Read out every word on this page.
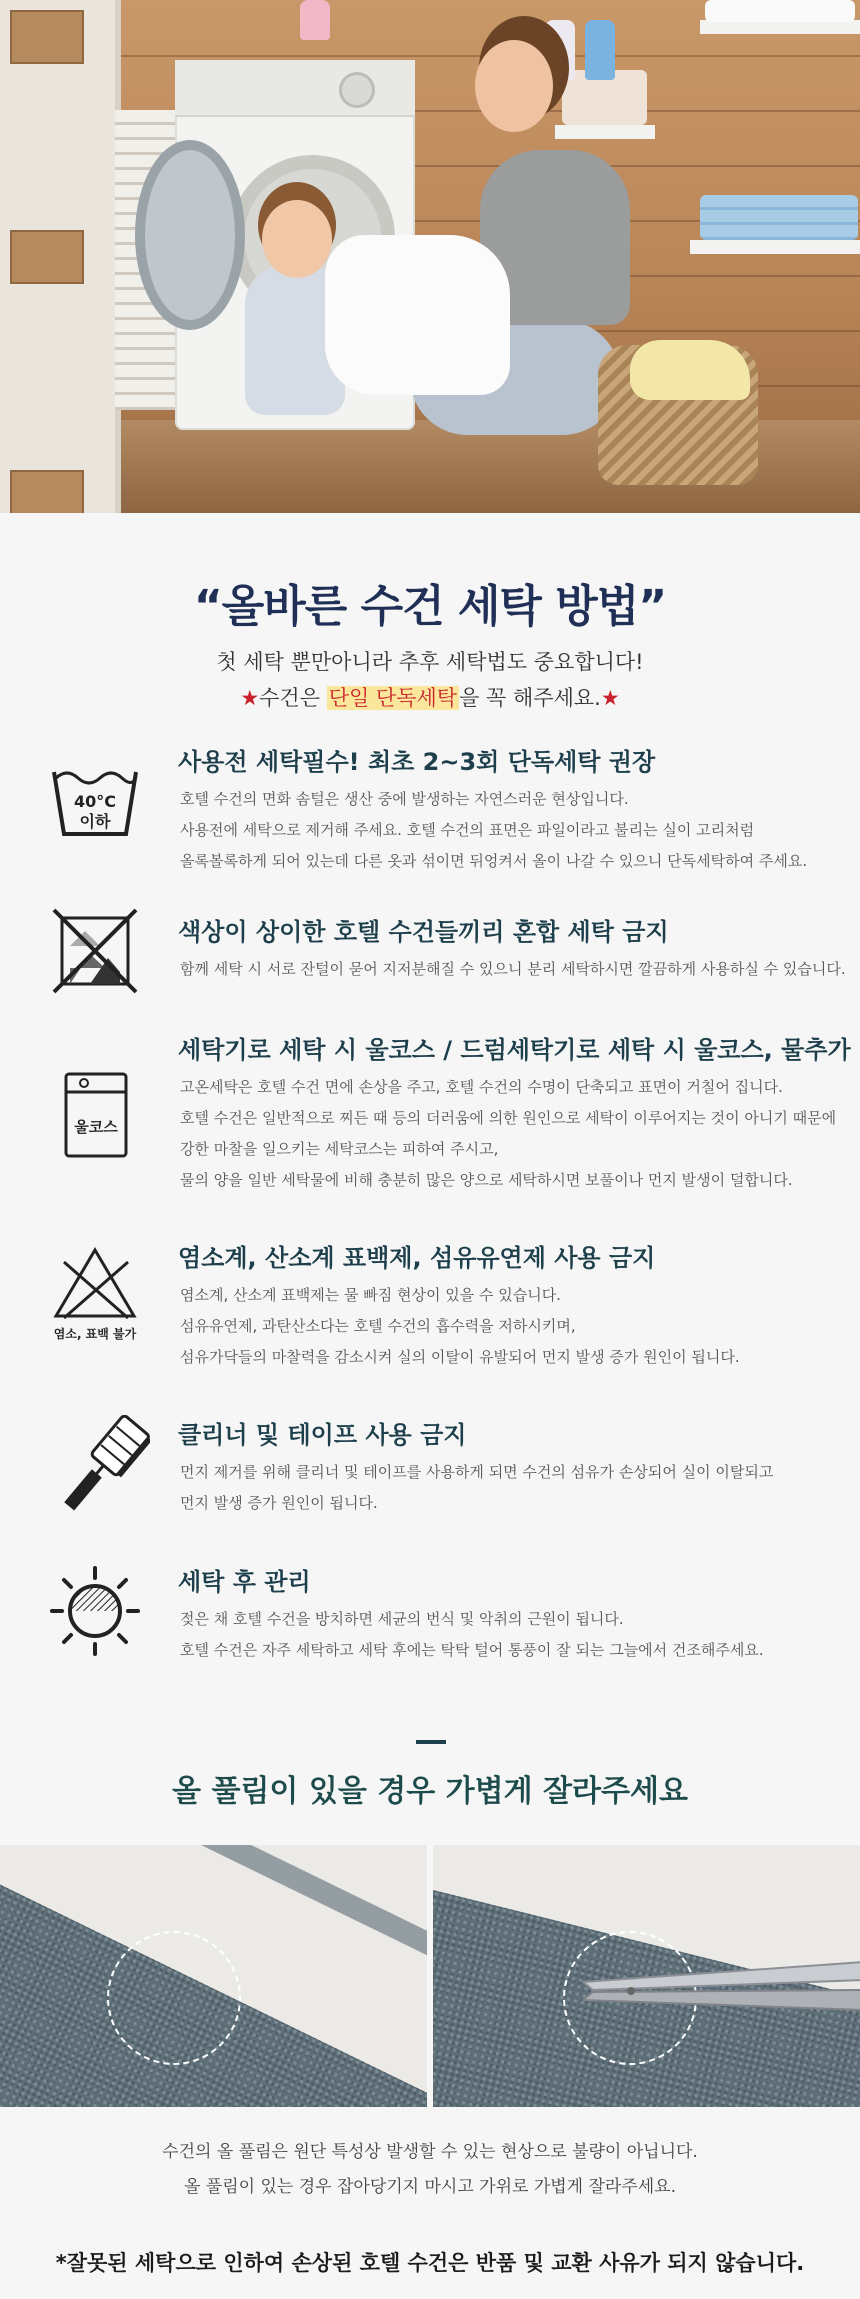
“올바른 수건 세탁 방법”
첫 세탁 뿐만아니라 추후 세탁법도 중요합니다!
★수건은 단일 단독세탁을 꼭 해주세요.★
40°C
이하
사용전 세탁필수! 최초 2~3회 단독세탁 권장

호텔 수건의 면화 솜털은 생산 중에 발생하는 자연스러운 현상입니다.

사용전에 세탁으로 제거해 주세요. 호텔 수건의 표면은 파일이라고 불리는 실이 고리처럼

올록볼록하게 되어 있는데 다른 옷과 섞이면 뒤엉켜서 올이 나갈 수 있으니 단독세탁하여 주세요.

색상이 상이한 호텔 수건들끼리 혼합 세탁 금지

함께 세탁 시 서로 잔털이 묻어 지저분해질 수 있으니 분리 세탁하시면 깔끔하게 사용하실 수 있습니다.

울코스
세탁기로 세탁 시 울코스 / 드럼세탁기로 세탁 시 울코스, 물추가

고온세탁은 호텔 수건 면에 손상을 주고, 호텔 수건의 수명이 단축되고 표면이 거칠어 집니다.

호텔 수건은 일반적으로 찌든 때 등의 더러움에 의한 원인으로 세탁이 이루어지는 것이 아니기 때문에

강한 마찰을 일으키는 세탁코스는 피하여 주시고,

물의 양을 일반 세탁물에 비해 충분히 많은 양으로 세탁하시면 보풀이나 먼지 발생이 덜합니다.

염소, 표백 불가
염소계, 산소계 표백제, 섬유유연제 사용 금지

염소계, 산소계 표백제는 물 빠짐 현상이 있을 수 있습니다.

섬유유연제, 과탄산소다는 호텔 수건의 흡수력을 저하시키며,

섬유가닥들의 마찰력을 감소시켜 실의 이탈이 유발되어 먼지 발생 증가 원인이 됩니다.

클리너 및 테이프 사용 금지

먼지 제거를 위해 클리너 및 테이프를 사용하게 되면 수건의 섬유가 손상되어 실이 이탈되고

먼지 발생 증가 원인이 됩니다.

세탁 후 관리

젖은 채 호텔 수건을 방치하면 세균의 번식 및 악취의 근원이 됩니다.

호텔 수건은 자주 세탁하고 세탁 후에는 탁탁 털어 통풍이 잘 되는 그늘에서 건조해주세요.

올 풀림이 있을 경우 가볍게 잘라주세요
수건의 올 풀림은 원단 특성상 발생할 수 있는 현상으로 불량이 아닙니다.
올 풀림이 있는 경우 잡아당기지 마시고 가위로 가볍게 잘라주세요.
*잘못된 세탁으로 인하여 손상된 호텔 수건은 반품 및 교환 사유가 되지 않습니다.
